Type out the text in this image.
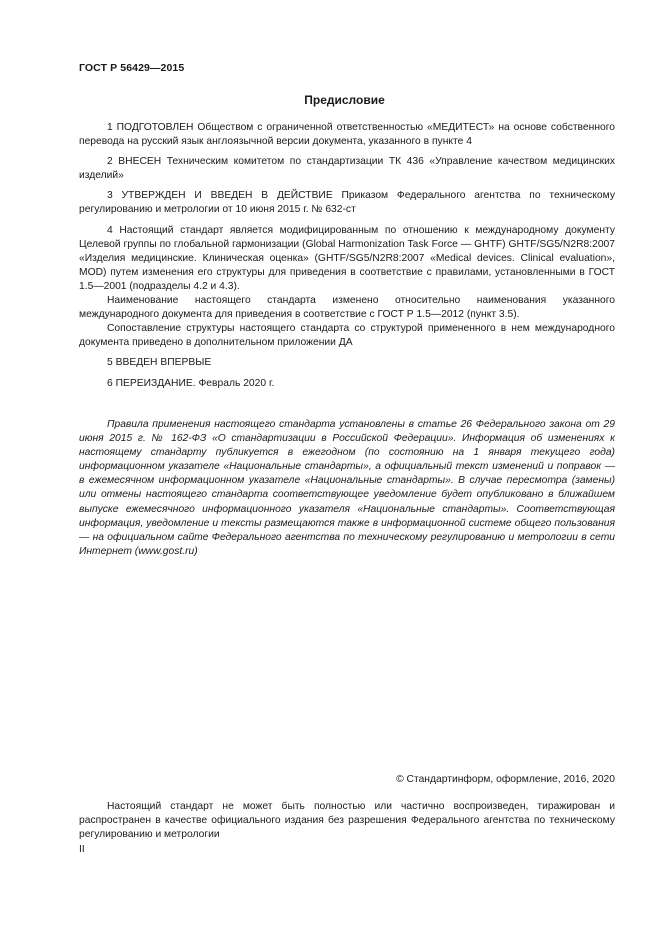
ГОСТ Р 56429—2015
Предисловие

1 ПОДГОТОВЛЕН Обществом с ограниченной ответственностью «МЕДИТЕСТ» на основе собственного перевода на русский язык англоязычной версии документа, указанного в пункте 4

2 ВНЕСЕН Техническим комитетом по стандартизации ТК 436 «Управление качеством медицинских изделий»

3 УТВЕРЖДЕН И ВВЕДЕН В ДЕЙСТВИЕ Приказом Федерального агентства по техническому регулированию и метрологии от 10 июня 2015 г. № 632-ст

4 Настоящий стандарт является модифицированным по отношению к международному документу Целевой группы по глобальной гармонизации (Global Harmonization Task Force — GHTF) GHTF/SG5/N2R8:2007 «Изделия медицинские. Клиническая оценка» (GHTF/SG5/N2R8:2007 «Medical devices. Clinical evaluation», MOD) путем изменения его структуры для приведения в соответствие с правилами, установленными в ГОСТ 1.5—2001 (подразделы 4.2 и 4.3).

Наименование настоящего стандарта изменено относительно наименования указанного международного документа для приведения в соответствие с ГОСТ Р 1.5—2012 (пункт 3.5).

Сопоставление структуры настоящего стандарта со структурой примененного в нем международного документа приведено в дополнительном приложении ДА

5 ВВЕДЕН ВПЕРВЫЕ

6 ПЕРЕИЗДАНИЕ. Февраль 2020 г.

Правила применения настоящего стандарта установлены в статье 26 Федерального закона от 29 июня 2015 г. № 162-ФЗ «О стандартизации в Российской Федерации». Информация об изменениях к настоящему стандарту публикуется в ежегодном (по состоянию на 1 января текущего года) информационном указателе «Национальные стандарты», а официальный текст изменений и поправок — в ежемесячном информационном указателе «Национальные стандарты». В случае пересмотра (замены) или отмены настоящего стандарта соответствующее уведомление будет опубликовано в ближайшем выпуске ежемесячного информационного указателя «Национальные стандарты». Соответствующая информация, уведомление и тексты размещаются также в информационной системе общего пользования — на официальном сайте Федерального агентства по техническому регулированию и метрологии в сети Интернет (www.gost.ru)

© Стандартинформ, оформление, 2016, 2020

Настоящий стандарт не может быть полностью или частично воспроизведен, тиражирован и распространен в качестве официального издания без разрешения Федерального агентства по техническому регулированию и метрологии

II
